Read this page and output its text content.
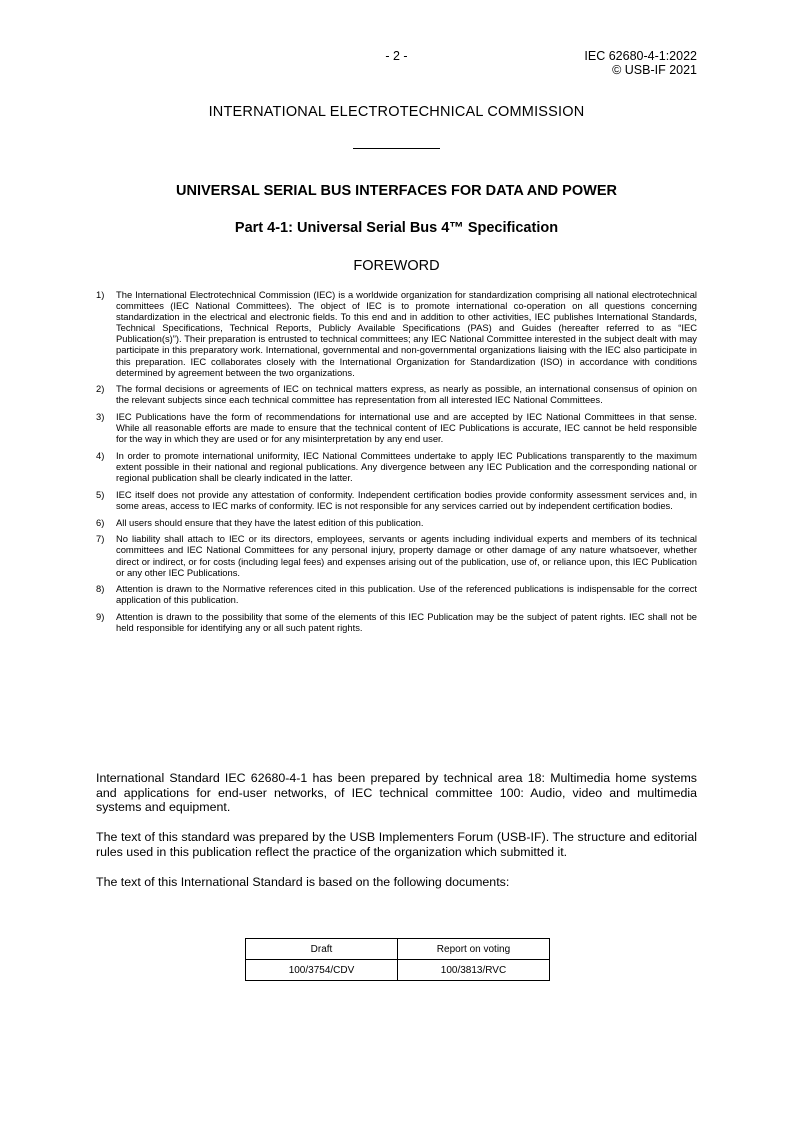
- 2 -	IEC 62680-4-1:2022
© USB-IF 2021
INTERNATIONAL ELECTROTECHNICAL COMMISSION
UNIVERSAL SERIAL BUS INTERFACES FOR DATA AND POWER
Part 4-1: Universal Serial Bus 4™ Specification
FOREWORD
1)	The International Electrotechnical Commission (IEC) is a worldwide organization for standardization comprising all national electrotechnical committees (IEC National Committees). The object of IEC is to promote international co-operation on all questions concerning standardization in the electrical and electronic fields. To this end and in addition to other activities, IEC publishes International Standards, Technical Specifications, Technical Reports, Publicly Available Specifications (PAS) and Guides (hereafter referred to as “IEC Publication(s)”). Their preparation is entrusted to technical committees; any IEC National Committee interested in the subject dealt with may participate in this preparatory work. International, governmental and non-governmental organizations liaising with the IEC also participate in this preparation. IEC collaborates closely with the International Organization for Standardization (ISO) in accordance with conditions determined by agreement between the two organizations.
2)	The formal decisions or agreements of IEC on technical matters express, as nearly as possible, an international consensus of opinion on the relevant subjects since each technical committee has representation from all interested IEC National Committees.
3)	IEC Publications have the form of recommendations for international use and are accepted by IEC National Committees in that sense. While all reasonable efforts are made to ensure that the technical content of IEC Publications is accurate, IEC cannot be held responsible for the way in which they are used or for any misinterpretation by any end user.
4)	In order to promote international uniformity, IEC National Committees undertake to apply IEC Publications transparently to the maximum extent possible in their national and regional publications. Any divergence between any IEC Publication and the corresponding national or regional publication shall be clearly indicated in the latter.
5)	IEC itself does not provide any attestation of conformity. Independent certification bodies provide conformity assessment services and, in some areas, access to IEC marks of conformity. IEC is not responsible for any services carried out by independent certification bodies.
6)	All users should ensure that they have the latest edition of this publication.
7)	No liability shall attach to IEC or its directors, employees, servants or agents including individual experts and members of its technical committees and IEC National Committees for any personal injury, property damage or other damage of any nature whatsoever, whether direct or indirect, or for costs (including legal fees) and expenses arising out of the publication, use of, or reliance upon, this IEC Publication or any other IEC Publications.
8)	Attention is drawn to the Normative references cited in this publication. Use of the referenced publications is indispensable for the correct application of this publication.
9)	Attention is drawn to the possibility that some of the elements of this IEC Publication may be the subject of patent rights. IEC shall not be held responsible for identifying any or all such patent rights.

International Standard IEC 62680-4-1 has been prepared by technical area 18: Multimedia home systems and applications for end-user networks, of IEC technical committee 100: Audio, video and multimedia systems and equipment.

The text of this standard was prepared by the USB Implementers Forum (USB-IF). The structure and editorial rules used in this publication reflect the practice of the organization which submitted it.

The text of this International Standard is based on the following documents:

Draft	Report on voting
100/3754/CDV	100/3813/RVC
